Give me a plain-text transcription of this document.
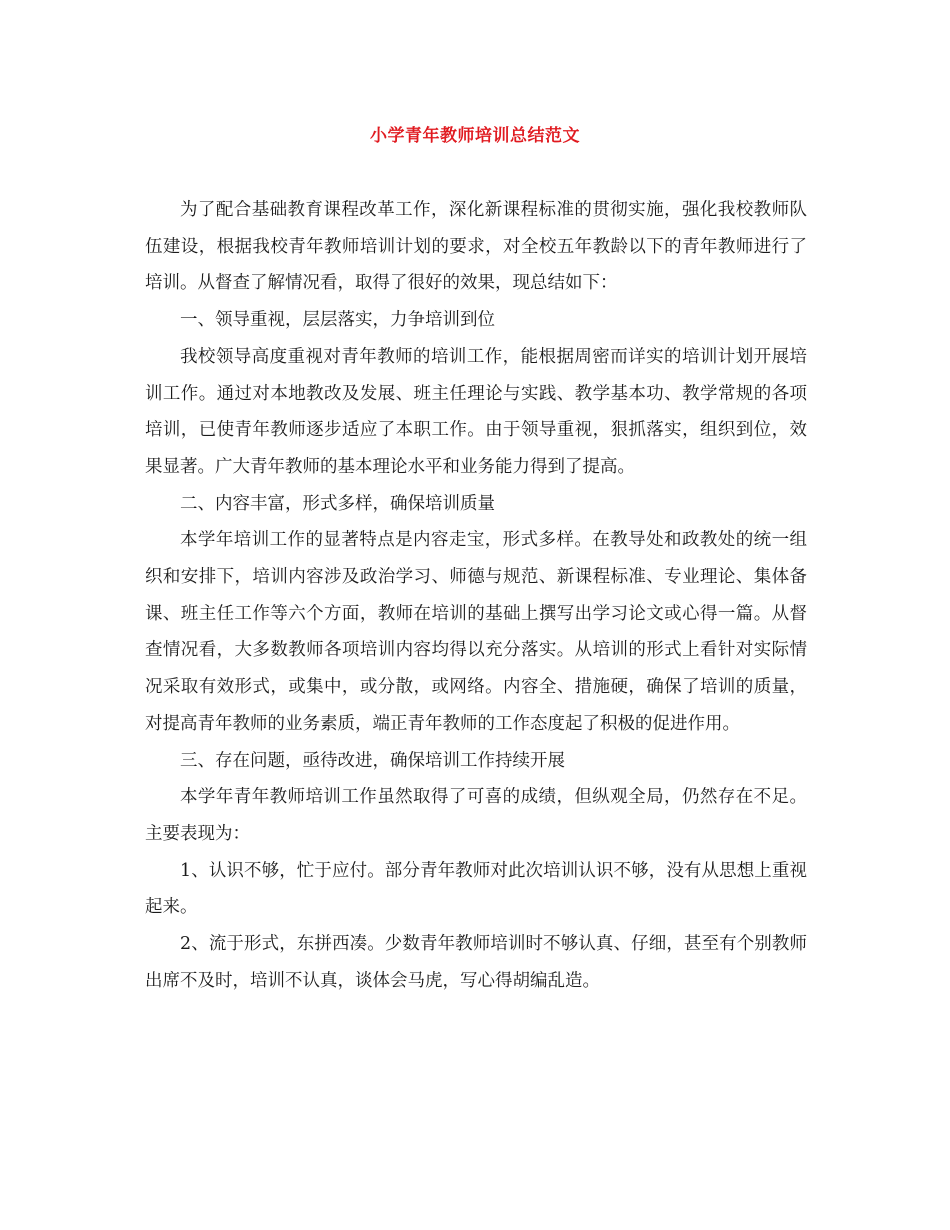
小学青年教师培训总结范文

为了配合基础教育课程改革工作，深化新课程标准的贯彻实施，强化我校教师队伍建设，根据我校青年教师培训计划的要求，对全校五年教龄以下的青年教师进行了培训。从督查了解情况看，取得了很好的效果，现总结如下：

一、领导重视，层层落实，力争培训到位

我校领导高度重视对青年教师的培训工作，能根据周密而详实的培训计划开展培训工作。通过对本地教改及发展、班主任理论与实践、教学基本功、教学常规的各项培训，已使青年教师逐步适应了本职工作。由于领导重视，狠抓落实，组织到位，效果显著。广大青年教师的基本理论水平和业务能力得到了提高。

二、内容丰富，形式多样，确保培训质量

本学年培训工作的显著特点是内容走宝，形式多样。在教导处和政教处的统一组织和安排下，培训内容涉及政治学习、师德与规范、新课程标准、专业理论、集体备课、班主任工作等六个方面，教师在培训的基础上撰写出学习论文或心得一篇。从督查情况看，大多数教师各项培训内容均得以充分落实。从培训的形式上看针对实际情况采取有效形式，或集中，或分散，或网络。内容全、措施硬，确保了培训的质量，对提高青年教师的业务素质，端正青年教师的工作态度起了积极的促进作用。

三、存在问题，亟待改进，确保培训工作持续开展

本学年青年教师培训工作虽然取得了可喜的成绩，但纵观全局，仍然存在不足。主要表现为：

1、认识不够，忙于应付。部分青年教师对此次培训认识不够，没有从思想上重视起来。

2、流于形式，东拼西凑。少数青年教师培训时不够认真、仔细，甚至有个别教师出席不及时，培训不认真，谈体会马虎，写心得胡编乱造。
